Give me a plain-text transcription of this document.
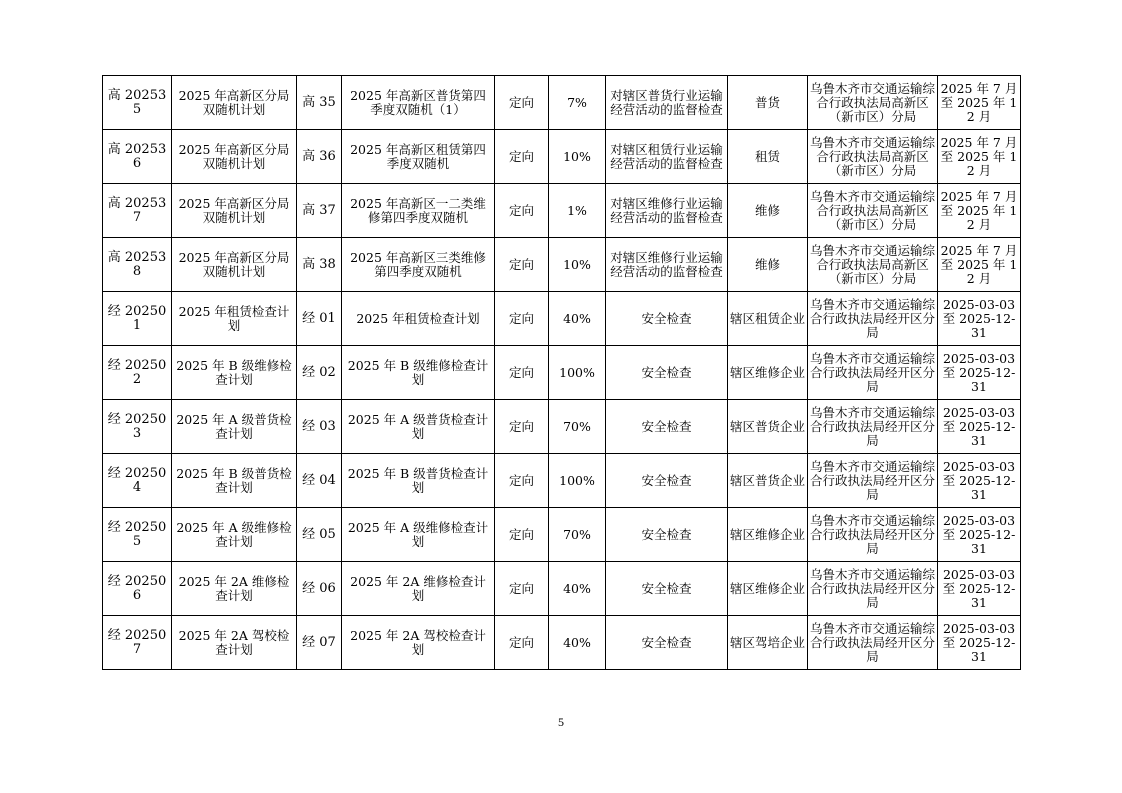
高 202535	2025 年高新区分局双随机计划	高 35	2025 年高新区普货第四季度双随机（1）	定向	7%	对辖区普货行业运输经营活动的监督检查	普货	乌鲁木齐市交通运输综合行政执法局高新区（新市区）分局	2025 年 7 月至 2025 年 12 月
高 202536	2025 年高新区分局双随机计划	高 36	2025 年高新区租赁第四季度双随机	定向	10%	对辖区租赁行业运输经营活动的监督检查	租赁	乌鲁木齐市交通运输综合行政执法局高新区（新市区）分局	2025 年 7 月至 2025 年 12 月
高 202537	2025 年高新区分局双随机计划	高 37	2025 年高新区一二类维修第四季度双随机	定向	1%	对辖区维修行业运输经营活动的监督检查	维修	乌鲁木齐市交通运输综合行政执法局高新区（新市区）分局	2025 年 7 月至 2025 年 12 月
高 202538	2025 年高新区分局双随机计划	高 38	2025 年高新区三类维修第四季度双随机	定向	10%	对辖区维修行业运输经营活动的监督检查	维修	乌鲁木齐市交通运输综合行政执法局高新区（新市区）分局	2025 年 7 月至 2025 年 12 月
经 202501	2025 年租赁检查计划	经 01	2025 年租赁检查计划	定向	40%	安全检查	辖区租赁企业	乌鲁木齐市交通运输综合行政执法局经开区分局	2025-03-03 至 2025-12-31
经 202502	2025 年 B 级维修检查计划	经 02	2025 年 B 级维修检查计划	定向	100%	安全检查	辖区维修企业	乌鲁木齐市交通运输综合行政执法局经开区分局	2025-03-03 至 2025-12-31
经 202503	2025 年 A 级普货检查计划	经 03	2025 年 A 级普货检查计划	定向	70%	安全检查	辖区普货企业	乌鲁木齐市交通运输综合行政执法局经开区分局	2025-03-03 至 2025-12-31
经 202504	2025 年 B 级普货检查计划	经 04	2025 年 B 级普货检查计划	定向	100%	安全检查	辖区普货企业	乌鲁木齐市交通运输综合行政执法局经开区分局	2025-03-03 至 2025-12-31
经 202505	2025 年 A 级维修检查计划	经 05	2025 年 A 级维修检查计划	定向	70%	安全检查	辖区维修企业	乌鲁木齐市交通运输综合行政执法局经开区分局	2025-03-03 至 2025-12-31
经 202506	2025 年 2A 维修检查计划	经 06	2025 年 2A 维修检查计划	定向	40%	安全检查	辖区维修企业	乌鲁木齐市交通运输综合行政执法局经开区分局	2025-03-03 至 2025-12-31
经 202507	2025 年 2A 驾校检查计划	经 07	2025 年 2A 驾校检查计划	定向	40%	安全检查	辖区驾培企业	乌鲁木齐市交通运输综合行政执法局经开区分局	2025-03-03 至 2025-12-31
5
